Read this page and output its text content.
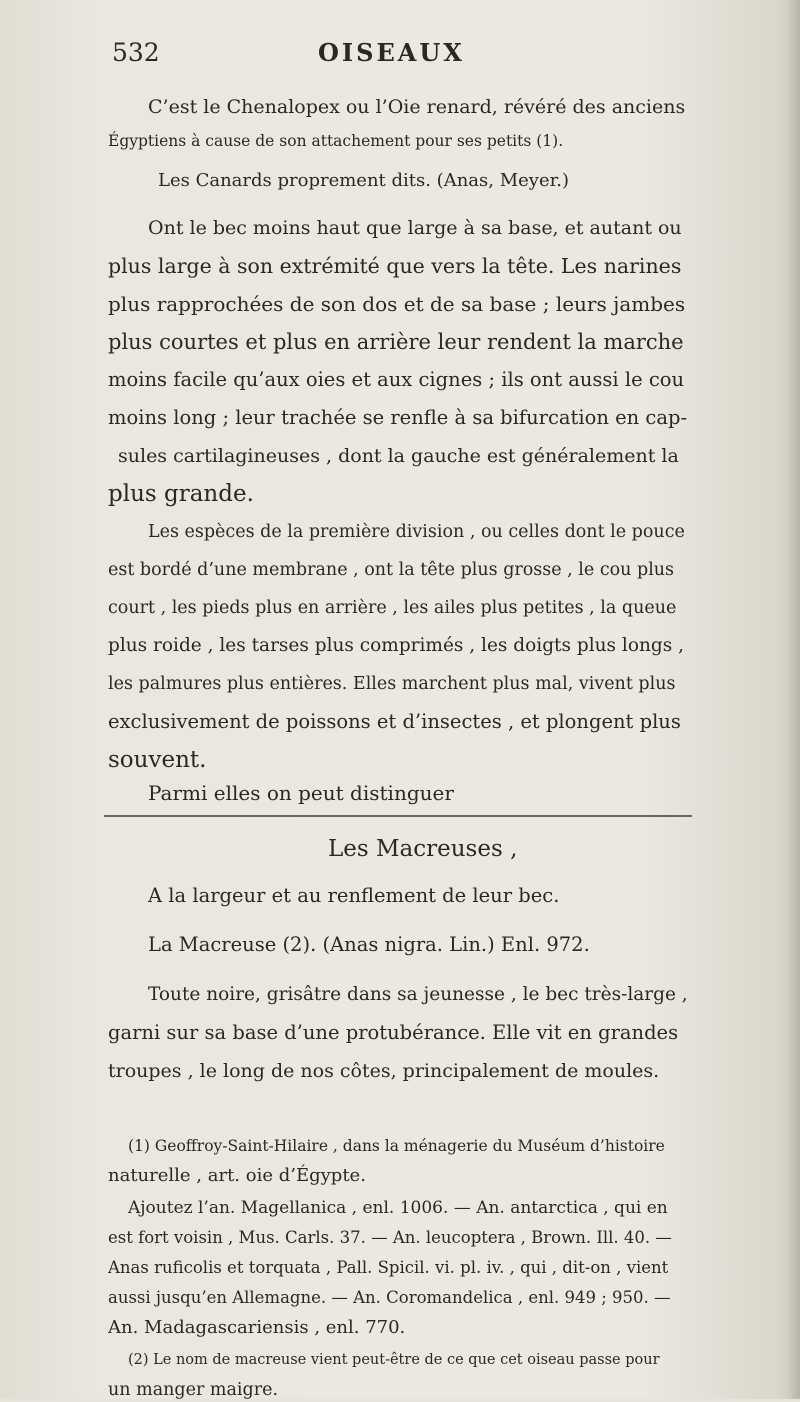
532	OISEAUX
C’est le Chenalopex ou l’Oie renard, révéré des anciens
Égyptiens à cause de son attachement pour ses petits (1).
Les Canards proprement dits. (Anas, Meyer.)
Ont le bec moins haut que large à sa base, et autant ou
plus large à son extrémité que vers la tête. Les narines
plus rapprochées de son dos et de sa base ; leurs jambes
plus courtes et plus en arrière leur rendent la marche
moins facile qu’aux oies et aux cignes ; ils ont aussi le cou
moins long ; leur trachée se renfle à sa bifurcation en cap-
sules cartilagineuses , dont la gauche est généralement la
plus grande.
Les espèces de la première division , ou celles dont le pouce
est bordé d’une membrane , ont la tête plus grosse , le cou plus
court , les pieds plus en arrière , les ailes plus petites , la queue
plus roide , les tarses plus comprimés , les doigts plus longs ,
les palmures plus entières. Elles marchent plus mal, vivent plus
exclusivement de poissons et d’insectes , et plongent plus
souvent.
Parmi elles on peut distinguer
Les Macreuses ,
A la largeur et au renflement de leur bec.
La Macreuse (2). (Anas nigra. Lin.) Enl. 972.
Toute noire, grisâtre dans sa jeunesse , le bec très-large ,
garni sur sa base d’une protubérance. Elle vit en grandes
troupes , le long de nos côtes, principalement de moules.
(1) Geoffroy-Saint-Hilaire , dans la ménagerie du Muséum d’histoire
naturelle , art. oie d’Égypte.
Ajoutez l’an. Magellanica , enl. 1006. — An. antarctica , qui en
est fort voisin , Mus. Carls. 37. — An. leucoptera , Brown. Ill. 40. —
Anas ruficolis et torquata , Pall. Spicil. vi. pl. iv. , qui , dit-on , vient
aussi jusqu’en Allemagne. — An. Coromandelica , enl. 949 ; 950. —
An. Madagascariensis , enl. 770.
(2) Le nom de macreuse vient peut-être de ce que cet oiseau passe pour
un manger maigre.
